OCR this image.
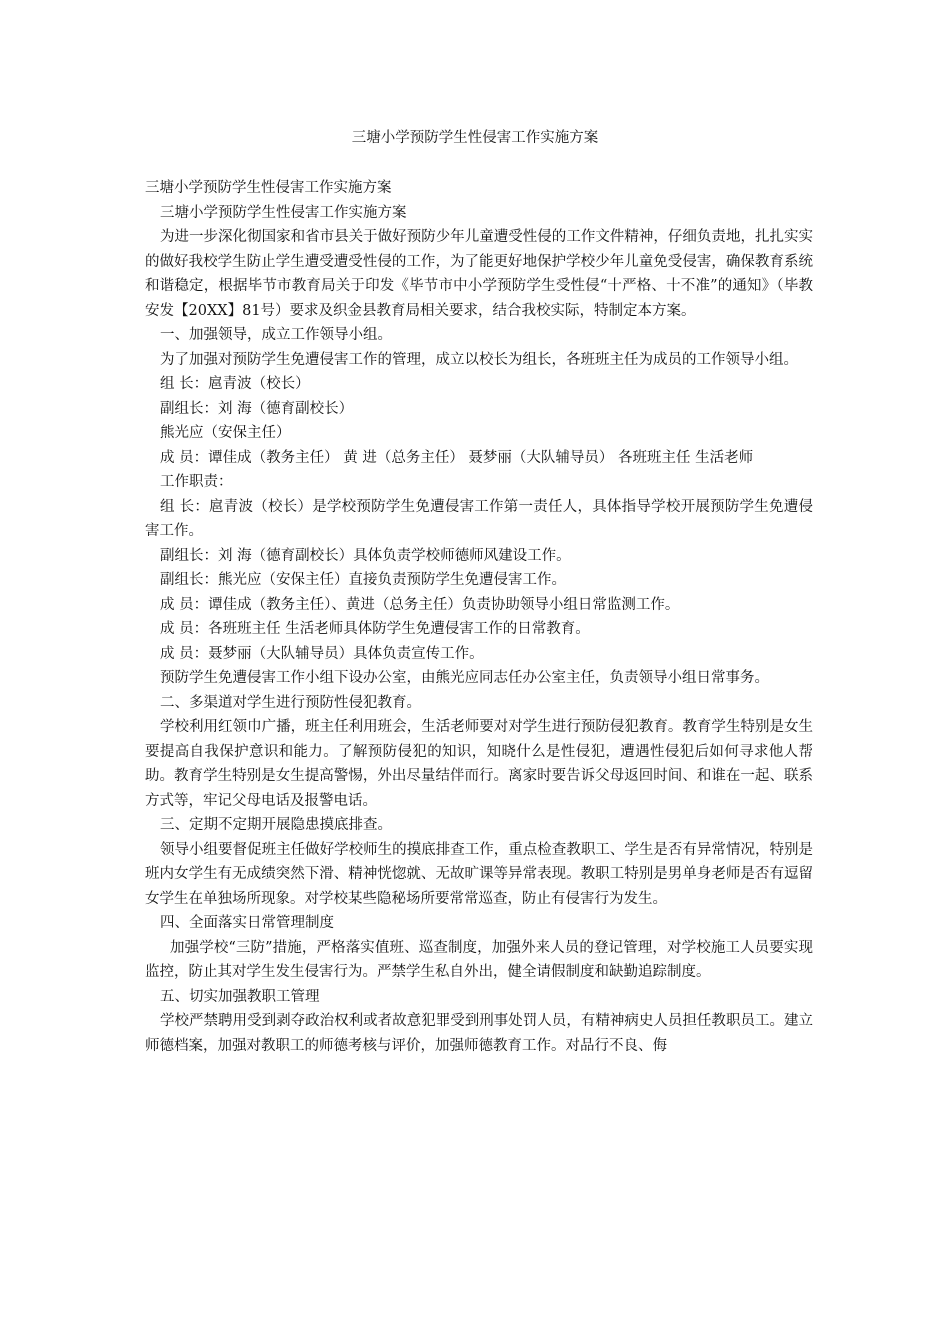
三塘小学预防学生性侵害工作实施方案

三塘小学预防学生性侵害工作实施方案

三塘小学预防学生性侵害工作实施方案

为进一步深化彻国家和省市县关于做好预防少年儿童遭受性侵的工作文件精神，仔细负责地，扎扎实实的做好我校学生防止学生遭受遭受性侵的工作，为了能更好地保护学校少年儿童免受侵害，确保教育系统和谐稳定，根据毕节市教育局关于印发《毕节市中小学预防学生受性侵“十严格、十不准”的通知》（毕教安发【20XX】81号）要求及织金县教育局相关要求，结合我校实际，特制定本方案。

一、加强领导，成立工作领导小组。

为了加强对预防学生免遭侵害工作的管理，成立以校长为组长，各班班主任为成员的工作领导小组。

组 长：扈青波（校长）

副组长：刘 海（德育副校长）

熊光应（安保主任）

成 员：谭佳成（教务主任） 黄 进（总务主任） 聂梦丽（大队辅导员） 各班班主任 生活老师

工作职责：

组 长：扈青波（校长）是学校预防学生免遭侵害工作第一责任人，具体指导学校开展预防学生免遭侵害工作。

副组长：刘 海（德育副校长）具体负责学校师德师风建设工作。

副组长：熊光应（安保主任）直接负责预防学生免遭侵害工作。

成 员：谭佳成（教务主任）、黄进（总务主任）负责协助领导小组日常监测工作。

成 员：各班班主任 生活老师具体防学生免遭侵害工作的日常教育。

成 员：聂梦丽（大队辅导员）具体负责宣传工作。

预防学生免遭侵害工作小组下设办公室，由熊光应同志任办公室主任，负责领导小组日常事务。

二、多渠道对学生进行预防性侵犯教育。

学校利用红领巾广播，班主任利用班会，生活老师要对对学生进行预防侵犯教育。教育学生特别是女生要提高自我保护意识和能力。了解预防侵犯的知识，知晓什么是性侵犯，遭遇性侵犯后如何寻求他人帮助。教育学生特别是女生提高警惕，外出尽量结伴而行。离家时要告诉父母返回时间、和谁在一起、联系方式等，牢记父母电话及报警电话。

三、定期不定期开展隐患摸底排查。

领导小组要督促班主任做好学校师生的摸底排查工作，重点检查教职工、学生是否有异常情况，特别是班内女学生有无成绩突然下滑、精神恍惚就、无故旷课等异常表现。教职工特别是男单身老师是否有逗留女学生在单独场所现象。对学校某些隐秘场所要常常巡查，防止有侵害行为发生。

四、全面落实日常管理制度

加强学校“三防”措施，严格落实值班、巡查制度，加强外来人员的登记管理，对学校施工人员要实现监控，防止其对学生发生侵害行为。严禁学生私自外出，健全请假制度和缺勤追踪制度。

五、切实加强教职工管理

学校严禁聘用受到剥夺政治权利或者故意犯罪受到刑事处罚人员，有精神病史人员担任教职员工。建立师德档案，加强对教职工的师德考核与评价，加强师德教育工作。对品行不良、侮
